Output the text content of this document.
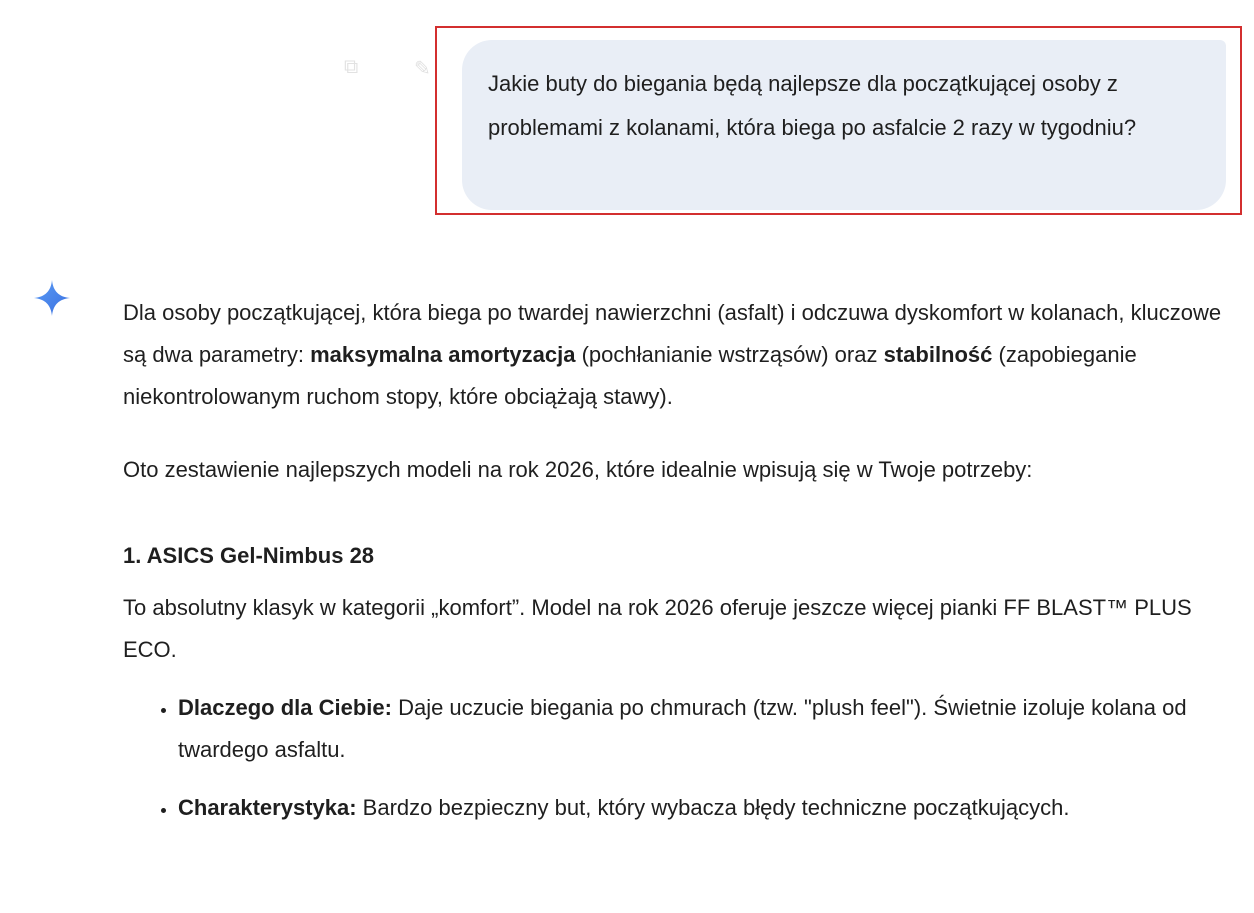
⧉	✎
Jakie buty do biegania będą najlepsze dla początkującej osoby z problemami z kolanami, która biega po asfalcie 2 razy w tygodniu?

Dla osoby początkującej, która biega po twardej nawierzchni (asfalt) i odczuwa dyskomfort w kolanach, kluczowe są dwa parametry: maksymalna amortyzacja (pochłanianie wstrząsów) oraz stabilność (zapobieganie niekontrolowanym ruchom stopy, które obciążają stawy).

Oto zestawienie najlepszych modeli na rok 2026, które idealnie wpisują się w Twoje potrzeby:

1. ASICS Gel-Nimbus 28

To absolutny klasyk w kategorii „komfort”. Model na rok 2026 oferuje jeszcze więcej pianki FF BLAST™ PLUS ECO.

• Dlaczego dla Ciebie: Daje uczucie biegania po chmurach (tzw. "plush feel"). Świetnie izoluje kolana od twardego asfaltu.
• Charakterystyka: Bardzo bezpieczny but, który wybacza błędy techniczne początkujących.
